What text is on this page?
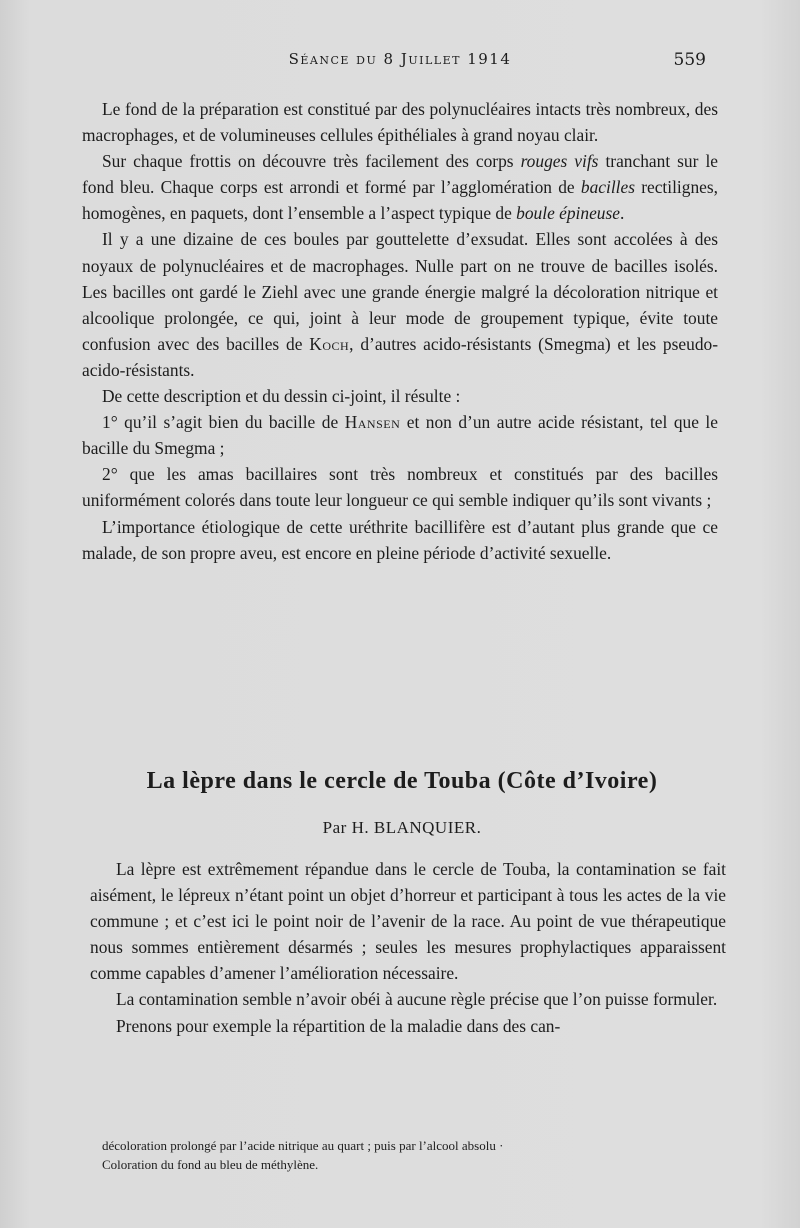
Séance du 8 Juillet 1914	559

Le fond de la préparation est constitué par des polynucléaires intacts très nombreux, des macrophages, et de volumineuses cellules épithéliales à grand noyau clair.

Sur chaque frottis on découvre très facilement des corps rouges vifs tranchant sur le fond bleu. Chaque corps est arrondi et formé par l’agglomération de bacilles rectilignes, homogènes, en paquets, dont l’ensemble a l’aspect typique de boule épineuse.

Il y a une dizaine de ces boules par gouttelette d’exsudat. Elles sont accolées à des noyaux de polynucléaires et de macrophages. Nulle part on ne trouve de bacilles isolés. Les bacilles ont gardé le Ziehl avec une grande énergie malgré la décoloration nitrique et alcoolique prolongée, ce qui, joint à leur mode de groupement typique, évite toute confusion avec des bacilles de Koch, d’autres acido-résistants (Smegma) et les pseudo-acido-résistants.

De cette description et du dessin ci-joint, il résulte :

1° qu’il s’agit bien du bacille de Hansen et non d’un autre acide résistant, tel que le bacille du Smegma ;

2° que les amas bacillaires sont très nombreux et constitués par des bacilles uniformément colorés dans toute leur longueur ce qui semble indiquer qu’ils sont vivants ;

L’importance étiologique de cette uréthrite bacillifère est d’autant plus grande que ce malade, de son propre aveu, est encore en pleine période d’activité sexuelle.

La lèpre dans le cercle de Touba (Côte d’Ivoire)
Par H. BLANQUIER.

La lèpre est extrêmement répandue dans le cercle de Touba, la contamination se fait aisément, le lépreux n’étant point un objet d’horreur et participant à tous les actes de la vie commune ; et c’est ici le point noir de l’avenir de la race. Au point de vue thérapeutique nous sommes entièrement désarmés ; seules les mesures prophylactiques apparaissent comme capables d’amener l’amélioration nécessaire.

La contamination semble n’avoir obéi à aucune règle précise que l’on puisse formuler.

Prenons pour exemple la répartition de la maladie dans des can-

décoloration prolongé par l’acide nitrique au quart ; puis par l’alcool absolu ·
Coloration du fond au bleu de méthylène.
